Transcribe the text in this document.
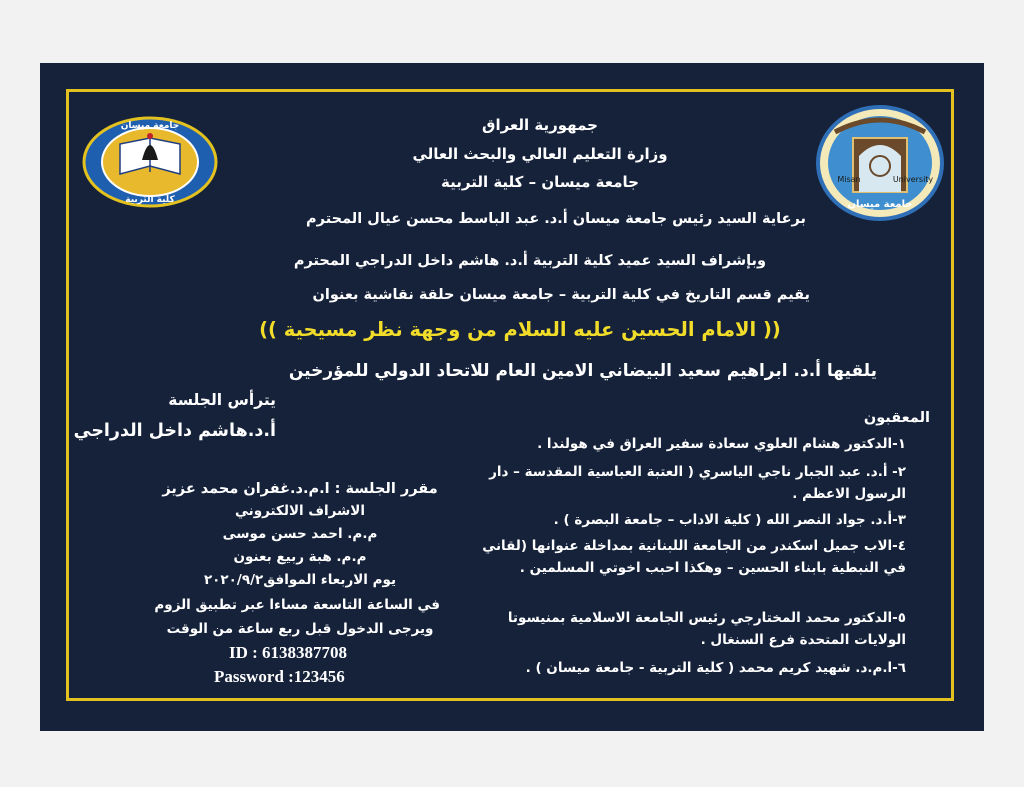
جامعة ميسان
كلية التربية
Misan	University
جامعة ميسان
جمهورية العراق
وزارة التعليم العالي والبحث العالي
جامعة ميسان – كلية التربية
برعاية السيد رئيس جامعة ميسان أ.د. عبد الباسط محسن عيال المحترم
وبإشراف السيد عميد كلية التربية أ.د. هاشم داخل الدراجي المحترم
يقيم قسم التاريخ في كلية التربية – جامعة ميسان حلقة نقاشية بعنوان
(( الامام الحسين عليه السلام من وجهة نظر مسيحية ))
يلقيها أ.د. ابراهيم سعيد البيضاني الامين العام للاتحاد الدولي للمؤرخين
يترأس الجلسة
أ.د.هاشم داخل الدراجي
مقرر الجلسة : ا.م.د.غفران محمد عزيز
الاشراف الالكتروني
م.م. احمد حسن موسى
م.م. هبة ربيع بعنون
يوم الاربعاء الموافق٢٠٢٠/٩/٢
في الساعة التاسعة مساءا عبر تطبيق الزوم
ويرجى الدخول قبل ربع ساعة من الوقت
ID : 6138387708
Password :123456
المعقبون
١-الدكتور هشام العلوي سعادة سفير العراق في هولندا .
٢- أ.د. عبد الجبار ناجي الياسري ( العتبة العباسية المقدسة – دار الرسول الاعظم .
٣-أ.د. جواد النصر الله ( كلية الاداب – جامعة البصرة ) .
٤-الاب جميل اسكندر من الجامعة اللبنانية بمداخلة عنوانها (لقاني في النبطية بابناء الحسين – وهكذا احبب اخوتي المسلمين .
٥-الدكتور محمد المختارجي رئيس الجامعة الاسلامية بمنيسوتا الولايات المتحدة فرع السنغال .
٦-ا.م.د. شهيد كريم محمد ( كلية التربية - جامعة ميسان ) .
